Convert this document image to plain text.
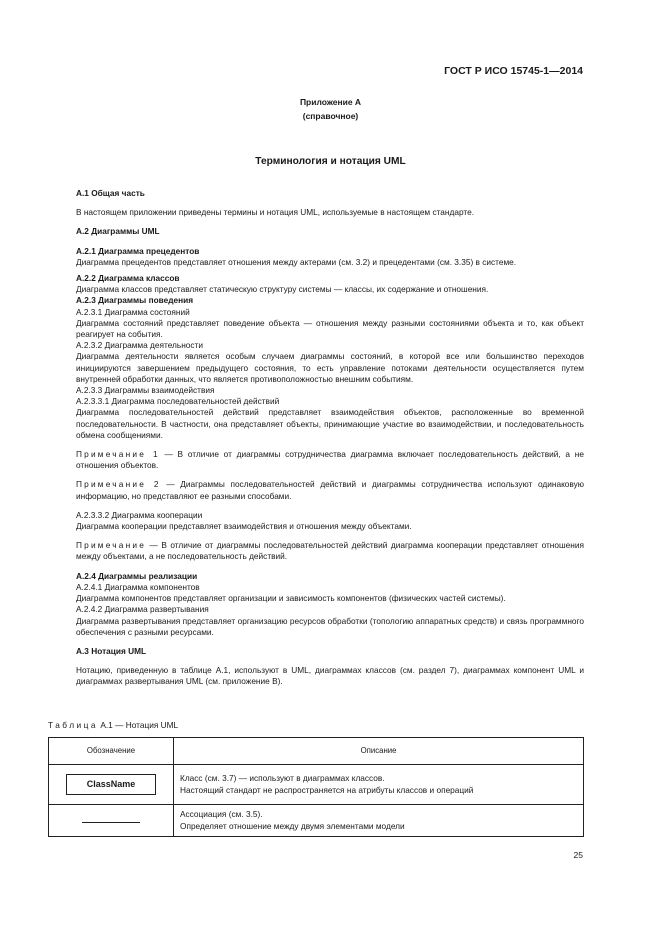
ГОСТ Р ИСО 15745-1—2014
Приложение А
(справочное)
Терминология и нотация UML

А.1 Общая часть

В настоящем приложении приведены термины и нотация UML, используемые в настоящем стандарте.

А.2 Диаграммы UML

А.2.1 Диаграмма прецедентов

Диаграмма прецедентов представляет отношения между актерами (см. 3.2) и прецедентами (см. 3.35) в системе.

А.2.2 Диаграмма классов

Диаграмма классов представляет статическую структуру системы — классы, их содержание и отношения.

А.2.3 Диаграммы поведения

А.2.3.1 Диаграмма состояний

Диаграмма состояний представляет поведение объекта — отношения между разными состояниями объекта и то, как объект реагирует на события.

А.2.3.2 Диаграмма деятельности

Диаграмма деятельности является особым случаем диаграммы состояний, в которой все или большинство переходов инициируются завершением предыдущего состояния, то есть управление потоками деятельности осуществляется путем внутренней обработки данных, что является противоположностью внешним событиям.

А.2.3.3 Диаграммы взаимодействия

А.2.3.3.1 Диаграмма последовательностей действий

Диаграмма последовательностей действий представляет взаимодействия объектов, расположенные во временной последовательности. В частности, она представляет объекты, принимающие участие во взаимодействии, и последовательность обмена сообщениями.

Примечание 1 — В отличие от диаграммы сотрудничества диаграмма включает последовательность действий, а не отношения объектов.

Примечание 2 — Диаграммы последовательностей действий и диаграммы сотрудничества используют одинаковую информацию, но представляют ее разными способами.

А.2.3.3.2 Диаграмма кооперации

Диаграмма кооперации представляет взаимодействия и отношения между объектами.

Примечание — В отличие от диаграммы последовательностей действий диаграмма кооперации представляет отношения между объектами, а не последовательность действий.

А.2.4 Диаграммы реализации

А.2.4.1 Диаграмма компонентов

Диаграмма компонентов представляет организации и зависимость компонентов (физических частей системы).

А.2.4.2 Диаграмма развертывания

Диаграмма развертывания представляет организацию ресурсов обработки (топологию аппаратных средств) и связь программного обеспечения с разными ресурсами.

А.3 Нотация UML

Нотацию, приведенную в таблице А.1, используют в UML, диаграммах классов (см. раздел 7), диаграммах компонент UML и диаграммах развертывания UML (см. приложение В).

Таблица А.1 — Нотация UML
Обозначение	Описание
ClassName	Класс (см. 3.7) — используют в диаграммах классов.
Настоящий стандарт не распространяется на атрибуты классов и операций

	Ассоциация (см. 3.5).
Определяет отношение между двумя элементами модели
25
